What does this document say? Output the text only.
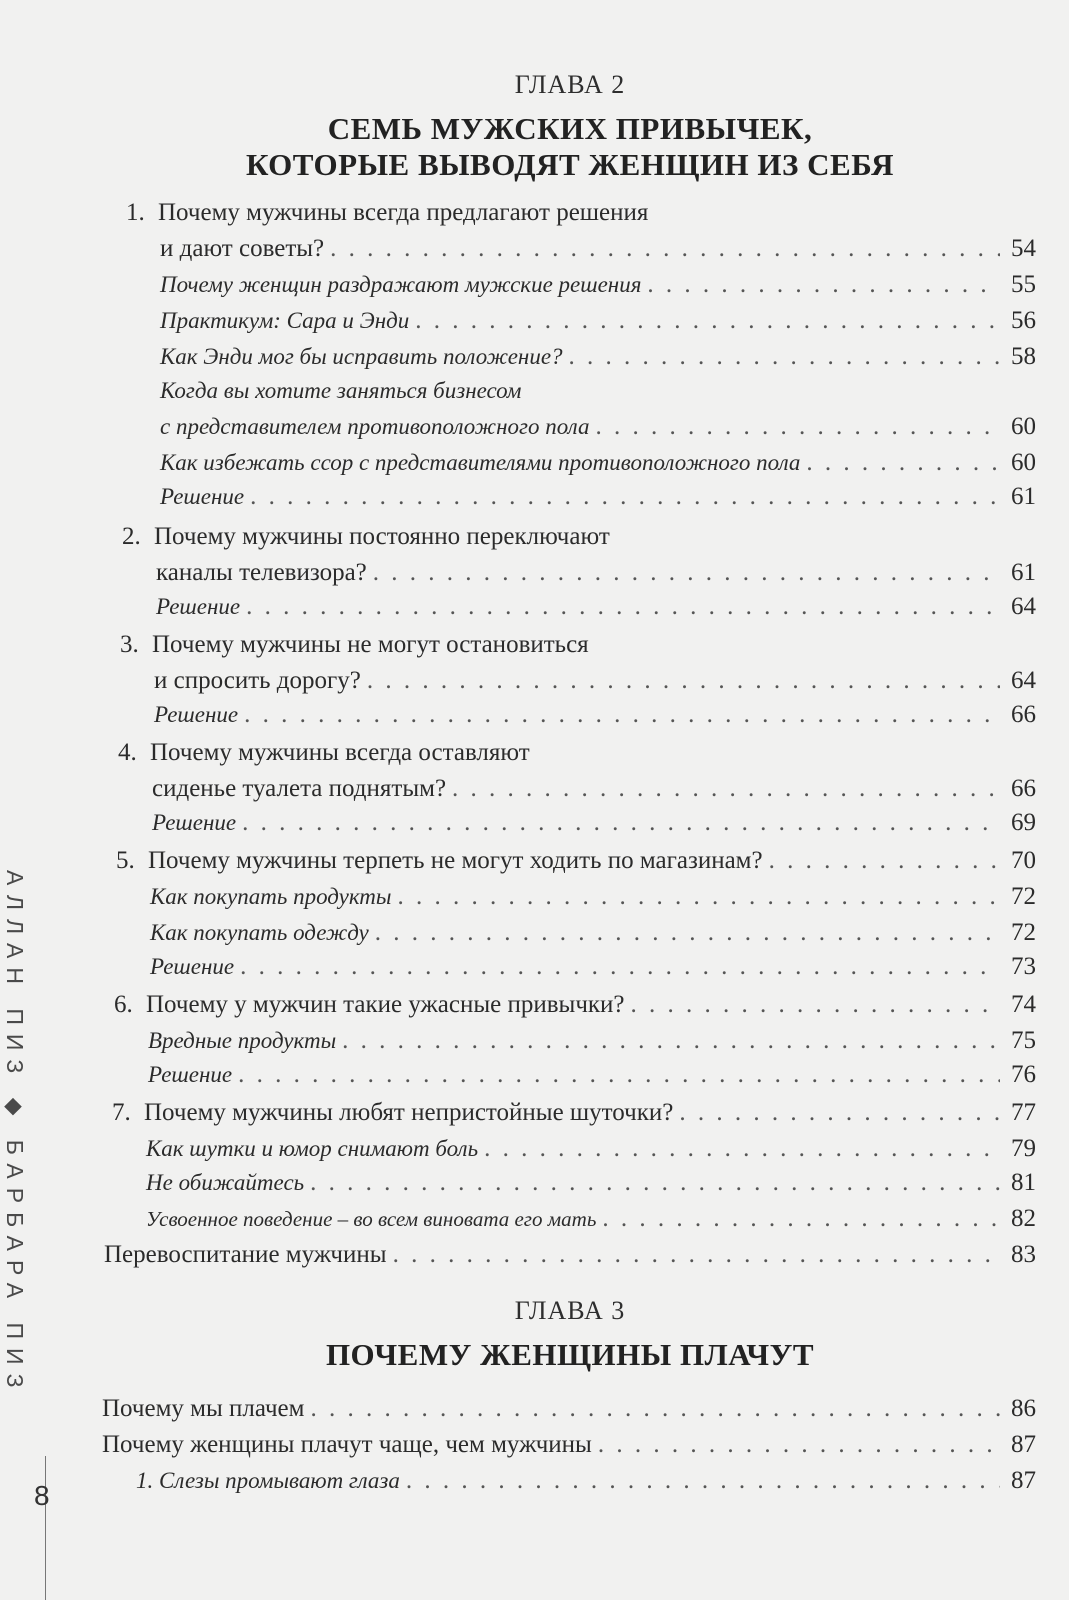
ГЛАВА 2
СЕМЬ МУЖСКИХ ПРИВЫЧЕК,
КОТОРЫЕ ВЫВОДЯТ ЖЕНЩИН ИЗ СЕБЯ
1. Почему мужчины всегда предлагают решения
и дают советы? . . .	54
Почему женщин раздражают мужские решения . . .	55
Практикум: Сара и Энди . . .	56
Как Энди мог бы исправить положение? . . .	58
Когда вы хотите заняться бизнесом
с представителем противоположного пола . . .	60
Как избежать ссор с представителями противоположного пола . . .	60
Решение . . .	61
2. Почему мужчины постоянно переключают
каналы телевизора? . . .	61
Решение . . .	64
3. Почему мужчины не могут остановиться
и спросить дорогу? . . .	64
Решение . . .	66
4. Почему мужчины всегда оставляют
сиденье туалета поднятым? . . .	66
Решение . . .	69
5. Почему мужчины терпеть не могут ходить по магазинам? . . .	70
Как покупать продукты . . .	72
Как покупать одежду . . .	72
Решение . . .	73
6. Почему у мужчин такие ужасные привычки? . . .	74
Вредные продукты . . .	75
Решение . . .	76
7. Почему мужчины любят непристойные шуточки? . . .	77
Как шутки и юмор снимают боль . . .	79
Не обижайтесь . . .	81
Усвоенное поведение – во всем виновата его мать . . .	82
Перевоспитание мужчины . . .	83
ГЛАВА 3
ПОЧЕМУ ЖЕНЩИНЫ ПЛАЧУТ
Почему мы плачем . . .	86
Почему женщины плачут чаще, чем мужчины . . .	87
1. Слезы промывают глаза . . .	87
АЛЛАН ПИЗ ◆ БАРБАРА ПИЗ
8
